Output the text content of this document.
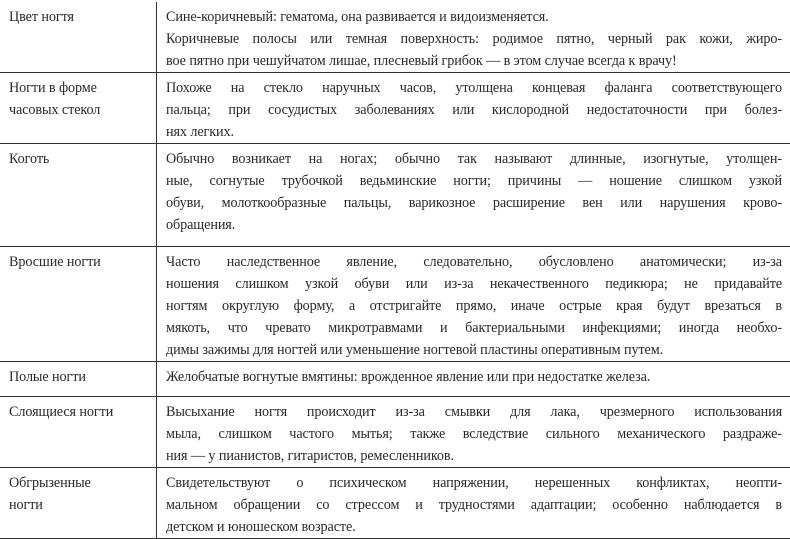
Цвет ногтя	Сине-коричневый: гематома, она развивается и видоизменяется.
Коричневые полосы или темная поверхность: родимое пятно, черный рак кожи, жиро-
вое пятно при чешуйчатом лишае, плесневый грибок — в этом случае всегда к врачу!

Ногти в форме
часовых стекол	Похоже на стекло наручных часов, утолщена концевая фаланга соответствующего
пальца; при сосудистых заболеваниях или кислородной недостаточности при болез-
нях легких.

Коготь	Обычно возникает на ногах; обычно так называют длинные, изогнутые, утолщен-
ные, согнутые трубочкой ведьминские ногти; причины — ношение слишком узкой
обуви, молоткообразные пальцы, варикозное расширение вен или нарушения крово-
обращения.

Вросшие ногти	Часто наследственное явление, следовательно, обусловлено анатомически; из-за
ношения слишком узкой обуви или из-за некачественного педикюра; не придавайте
ногтям округлую форму, а отстригайте прямо, иначе острые края будут врезаться в
мякоть, что чревато микротравмами и бактериальными инфекциями; иногда необхо-
димы зажимы для ногтей или уменьшение ногтевой пластины оперативным путем.

Полые ногти	Желобчатые вогнутые вмятины: врожденное явление или при недостатке железа.

Слоящиеся ногти	Высыхание ногтя происходит из-за смывки для лака, чрезмерного использования
мыла, слишком частого мытья; также вследствие сильного механического раздраже-
ния — у пианистов, гитаристов, ремесленников.

Обгрызенные
ногти	Свидетельствуют о психическом напряжении, нерешенных конфликтах, неопти-
мальном обращении со стрессом и трудностями адаптации; особенно наблюдается в
детском и юношеском возрасте.
